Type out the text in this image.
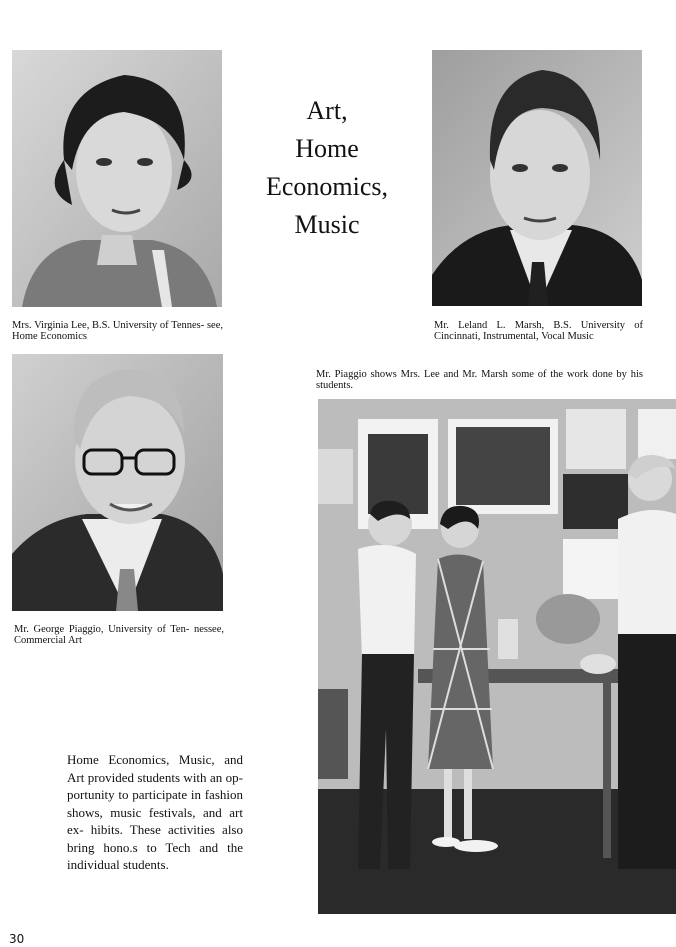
Mrs. Virginia Lee, B.S. University of Tennes- see, Home Economics

Art,
Home
Economics,
Music

Mr. Leland L. Marsh, B.S. University of Cincinnati, Instrumental, Vocal Music

Mr. George Piaggio, University of Ten- nessee, Commercial Art

Mr. Piaggio shows Mrs. Lee and Mr. Marsh some of the work done by his students.

Home Economics, Music, and Art provided students with an op- portunity to participate in fashion shows, music festivals, and art ex- hibits. These activities also bring hono.s to Tech and the individual students.

30
